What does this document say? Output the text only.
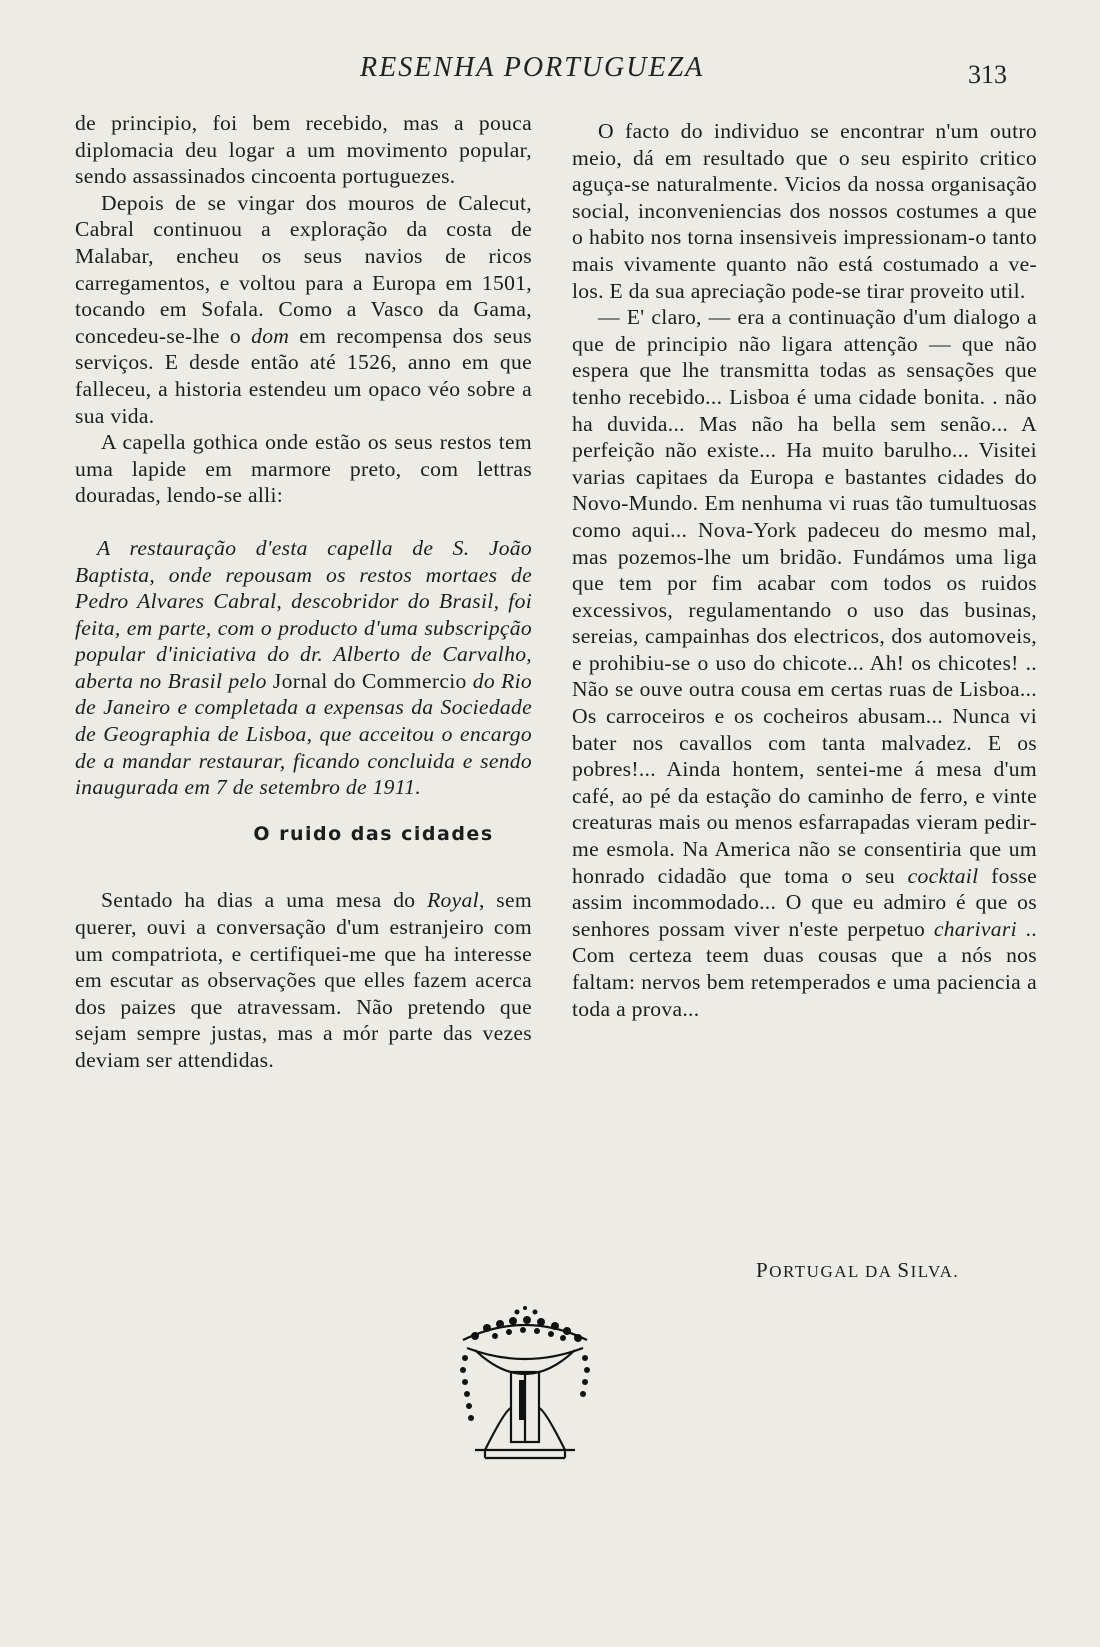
RESENHA PORTUGUEZA	313

de principio, foi bem recebido, mas a pouca diplomacia deu logar a um movimento popular, sendo assassinados cincoenta portuguezes.

Depois de se vingar dos mouros de Calecut, Cabral continuou a exploração da costa de Malabar, encheu os seus navios de ricos carregamentos, e voltou para a Europa em 1501, tocando em Sofala. Como a Vasco da Gama, concedeu-se-lhe o dom em recompensa dos seus serviços. E desde então até 1526, anno em que falleceu, a historia estendeu um opaco véo sobre a sua vida.

A capella gothica onde estão os seus restos tem uma lapide em marmore preto, com lettras douradas, lendo-se alli:

A restauração d'esta capella de S. João Baptista, onde repousam os restos mortaes de Pedro Alvares Cabral, descobridor do Brasil, foi feita, em parte, com o producto d'uma subscripção popular d'iniciativa do dr. Alberto de Carvalho, aberta no Brasil pelo Jornal do Commercio do Rio de Janeiro e completada a expensas da Sociedade de Geographia de Lisboa, que acceitou o encargo de a mandar restaurar, ficando concluida e sendo inaugurada em 7 de setembro de 1911.

O ruido das cidades

Sentado ha dias a uma mesa do Royal, sem querer, ouvi a conversação d'um estranjeiro com um compatriota, e certifiquei-me que ha interesse em escutar as observações que elles fazem acerca dos paizes que atravessam. Não pretendo que sejam sempre justas, mas a mór parte das vezes deviam ser attendidas.

O facto do individuo se encontrar n'um outro meio, dá em resultado que o seu espirito critico aguça-se naturalmente. Vicios da nossa organisação social, inconveniencias dos nossos costumes a que o habito nos torna insensiveis impressionam-o tanto mais vivamente quanto não está costumado a ve-los. E da sua apreciação pode-se tirar proveito util.

— E' claro, — era a continuação d'um dialogo a que de principio não ligara attenção — que não espera que lhe transmitta todas as sensações que tenho recebido... Lisboa é uma cidade bonita. . não ha duvida... Mas não ha bella sem senão... A perfeição não existe... Ha muito barulho... Visitei varias capitaes da Europa e bastantes cidades do Novo-Mundo. Em nenhuma vi ruas tão tumultuosas como aqui... Nova-York padeceu do mesmo mal, mas pozemos-lhe um bridão. Fundámos uma liga que tem por fim acabar com todos os ruidos excessivos, regulamentando o uso das businas, sereias, campainhas dos electricos, dos automoveis, e prohibiu-se o uso do chicote... Ah! os chicotes! .. Não se ouve outra cousa em certas ruas de Lisboa... Os carroceiros e os cocheiros abusam... Nunca vi bater nos cavallos com tanta malvadez. E os pobres!... Ainda hontem, sentei-me á mesa d'um café, ao pé da estação do caminho de ferro, e vinte creaturas mais ou menos esfarrapadas vieram pedir-me esmola. Na America não se consentiria que um honrado cidadão que toma o seu cocktail fosse assim incommodado... O que eu admiro é que os senhores possam viver n'este perpetuo charivari .. Com certeza teem duas cousas que a nós nos faltam: nervos bem retemperados e uma paciencia a toda a prova...

PORTUGAL DA SILVA.
